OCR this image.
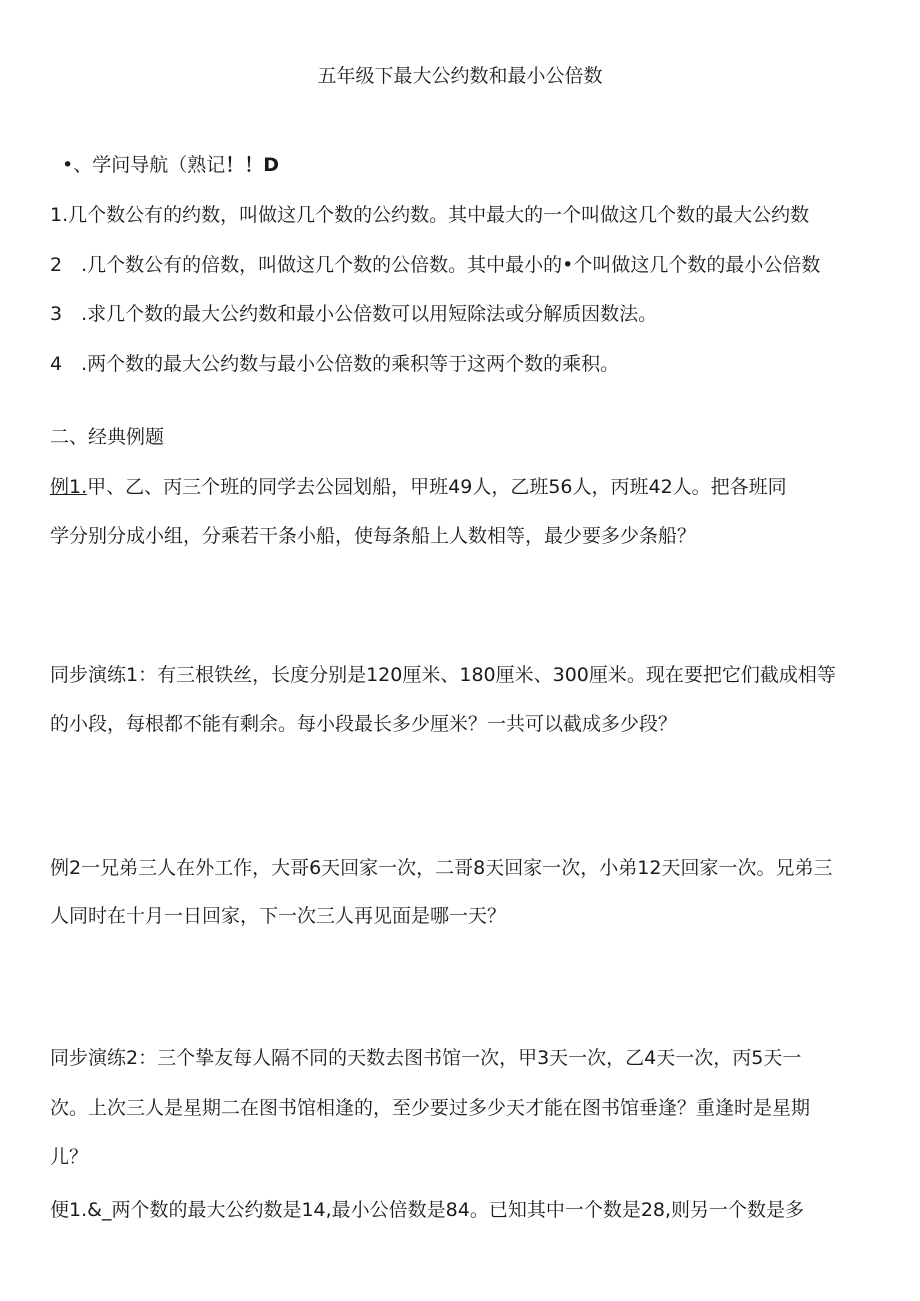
五年级下最大公约数和最小公倍数
•、学问导航（熟记！！D
1.几个数公有的约数，叫做这几个数的公约数。其中最大的一个叫做这几个数的最大公约数
2　.几个数公有的倍数，叫做这几个数的公倍数。其中最小的•个叫做这几个数的最小公倍数
3　.求几个数的最大公约数和最小公倍数可以用短除法或分解质因数法。
4　.两个数的最大公约数与最小公倍数的乘积等于这两个数的乘积。
二、经典例题
例1.甲、乙、丙三个班的同学去公园划船，甲班49人，乙班56人，丙班42人。把各班同
学分别分成小组，分乘若干条小船，使每条船上人数相等，最少要多少条船？
同步演练1：有三根铁丝，长度分别是120厘米、180厘米、300厘米。现在要把它们截成相等
的小段，每根都不能有剩余。每小段最长多少厘米？一共可以截成多少段？
例2一兄弟三人在外工作，大哥6天回家一次，二哥8天回家一次，小弟12天回家一次。兄弟三
人同时在十月一日回家，下一次三人再见面是哪一天？
同步演练2：三个挚友每人隔不同的天数去图书馆一次，甲3天一次，乙4天一次，丙5天一
次。上次三人是星期二在图书馆相逢的，至少要过多少天才能在图书馆垂逢？重逢时是星期
儿？
便1.&_两个数的最大公约数是14,最小公倍数是84。已知其中一个数是28,则另一个数是多
